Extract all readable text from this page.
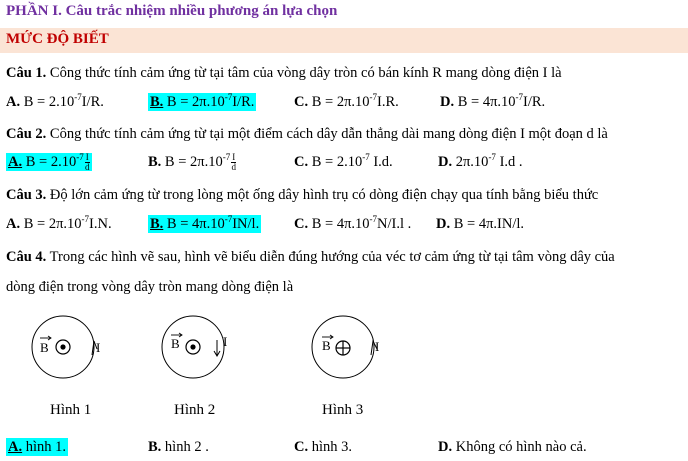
PHẦN I. Câu trắc nhiệm nhiều phương án lựa chọn
MỨC ĐỘ BIẾT
Câu 1. Công thức tính cảm ứng từ tại tâm của vòng dây tròn có bán kính R mang dòng điện I là
A. $B = 2.10^{-7}I/R$.	B. $B = 2\pi.10^{-7}I/R$.	C. $B = 2\pi.10^{-7}I.R$.	D. $B = 4\pi.10^{-7}I/R$.
Câu 2. Công thức tính cảm ứng từ tại một điểm cách dây dẫn thẳng dài mang dòng điện I một đoạn d là
A. $B = 2.10^{-7} \frac{I}{d}$	B. $B = 2\pi.10^{-7} \frac{I}{d}$	C. $B = 2.10^{-7}$ I.d.	D. $2\pi.10^{-7}$ I.d .
Câu 3. Độ lớn cảm ứng từ trong lòng một ống dây hình trụ có dòng điện chạy qua tính bằng biểu thức
A. $B = 2\pi.10^{-7}I.N$.	B. $B = 4\pi.10^{-7}IN/l$. C. $B = 4\pi.10^{-7}N/I.l$ . D. B = 4π.IN/l.
Câu 4. Trong các hình vẽ sau, hình vẽ biểu diễn đúng hướng của véc tơ cảm ứng từ tại tâm vòng dây của
dòng điện trong vòng dây tròn mang dòng điện là
B	I	B	I	B	I
Hình 1	Hình 2	Hình 3
A. hình 1.	B. hình 2 .	C. hình 3.	D. Không có hình nào cả.
